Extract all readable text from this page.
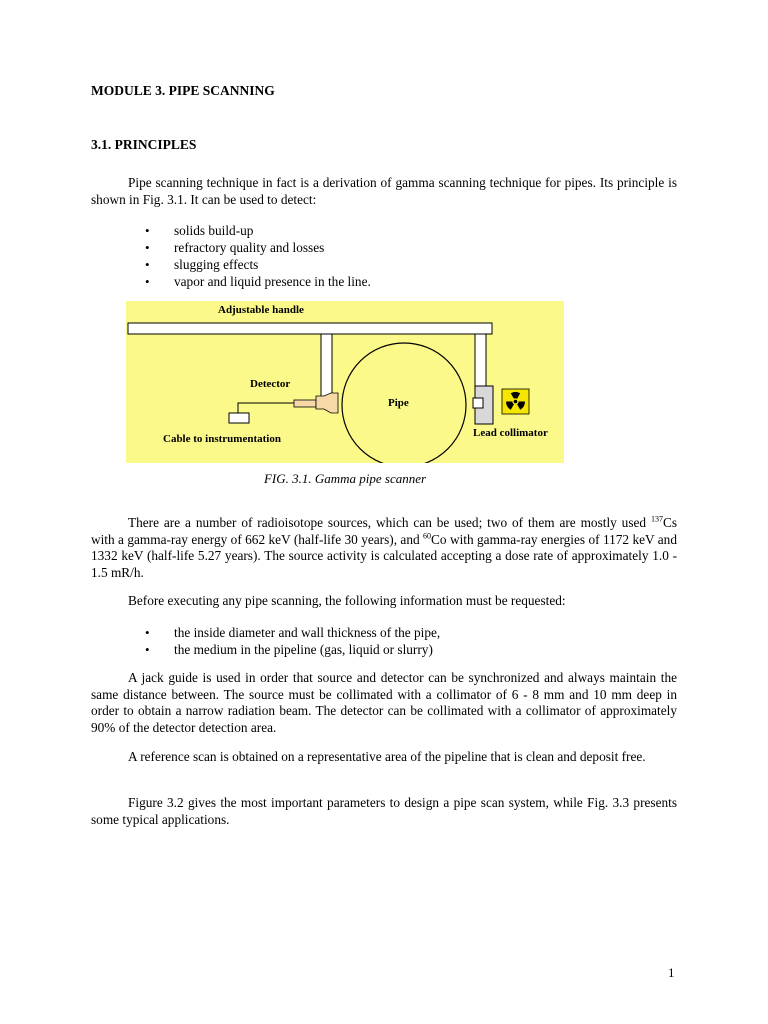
MODULE 3. PIPE SCANNING
3.1. PRINCIPLES

Pipe scanning technique in fact is a derivation of gamma scanning technique for pipes. Its principle is shown in Fig. 3.1. It can be used to detect:

• solids build-up
• refractory quality and losses
• slugging effects
• vapor and liquid presence in the line.
Adjustable handle
Detector
Pipe
Cable to instrumentation	Lead collimator
FIG. 3.1. Gamma pipe scanner

There are a number of radioisotope sources, which can be used; two of them are mostly used $^{137}$Cs with a gamma-ray energy of 662 keV (half-life 30 years), and $^{60}$Co with gamma-ray energies of 1172 keV and 1332 keV (half-life 5.27 years). The source activity is calculated accepting a dose rate of approximately 1.0 - 1.5 mR/h.

Before executing any pipe scanning, the following information must be requested:

• the inside diameter and wall thickness of the pipe,
• the medium in the pipeline (gas, liquid or slurry)

A jack guide is used in order that source and detector can be synchronized and always maintain the same distance between. The source must be collimated with a collimator of 6 - 8 mm and 10 mm deep in order to obtain a narrow radiation beam. The detector can be collimated with a collimator of approximately 90% of the detector detection area.

A reference scan is obtained on a representative area of the pipeline that is clean and deposit free.

Figure 3.2 gives the most important parameters to design a pipe scan system, while Fig. 3.3 presents some typical applications.

1
